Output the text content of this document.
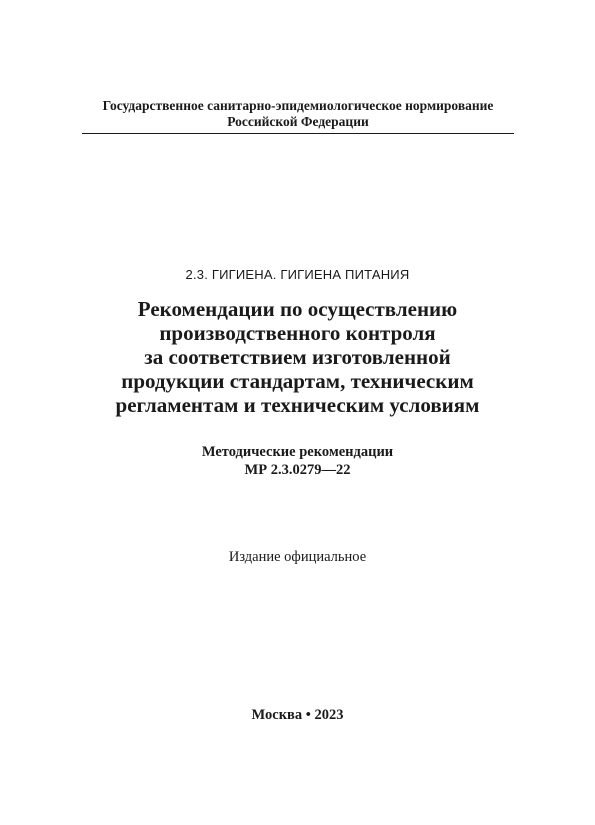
Государственное санитарно-эпидемиологическое нормирование
Российской Федерации
2.3. ГИГИЕНА. ГИГИЕНА ПИТАНИЯ
Рекомендации по осуществлению
производственного контроля
за соответствием изготовленной
продукции стандартам, техническим
регламентам и техническим условиям
Методические рекомендации
МР 2.3.0279—22
Издание официальное
Москва • 2023
